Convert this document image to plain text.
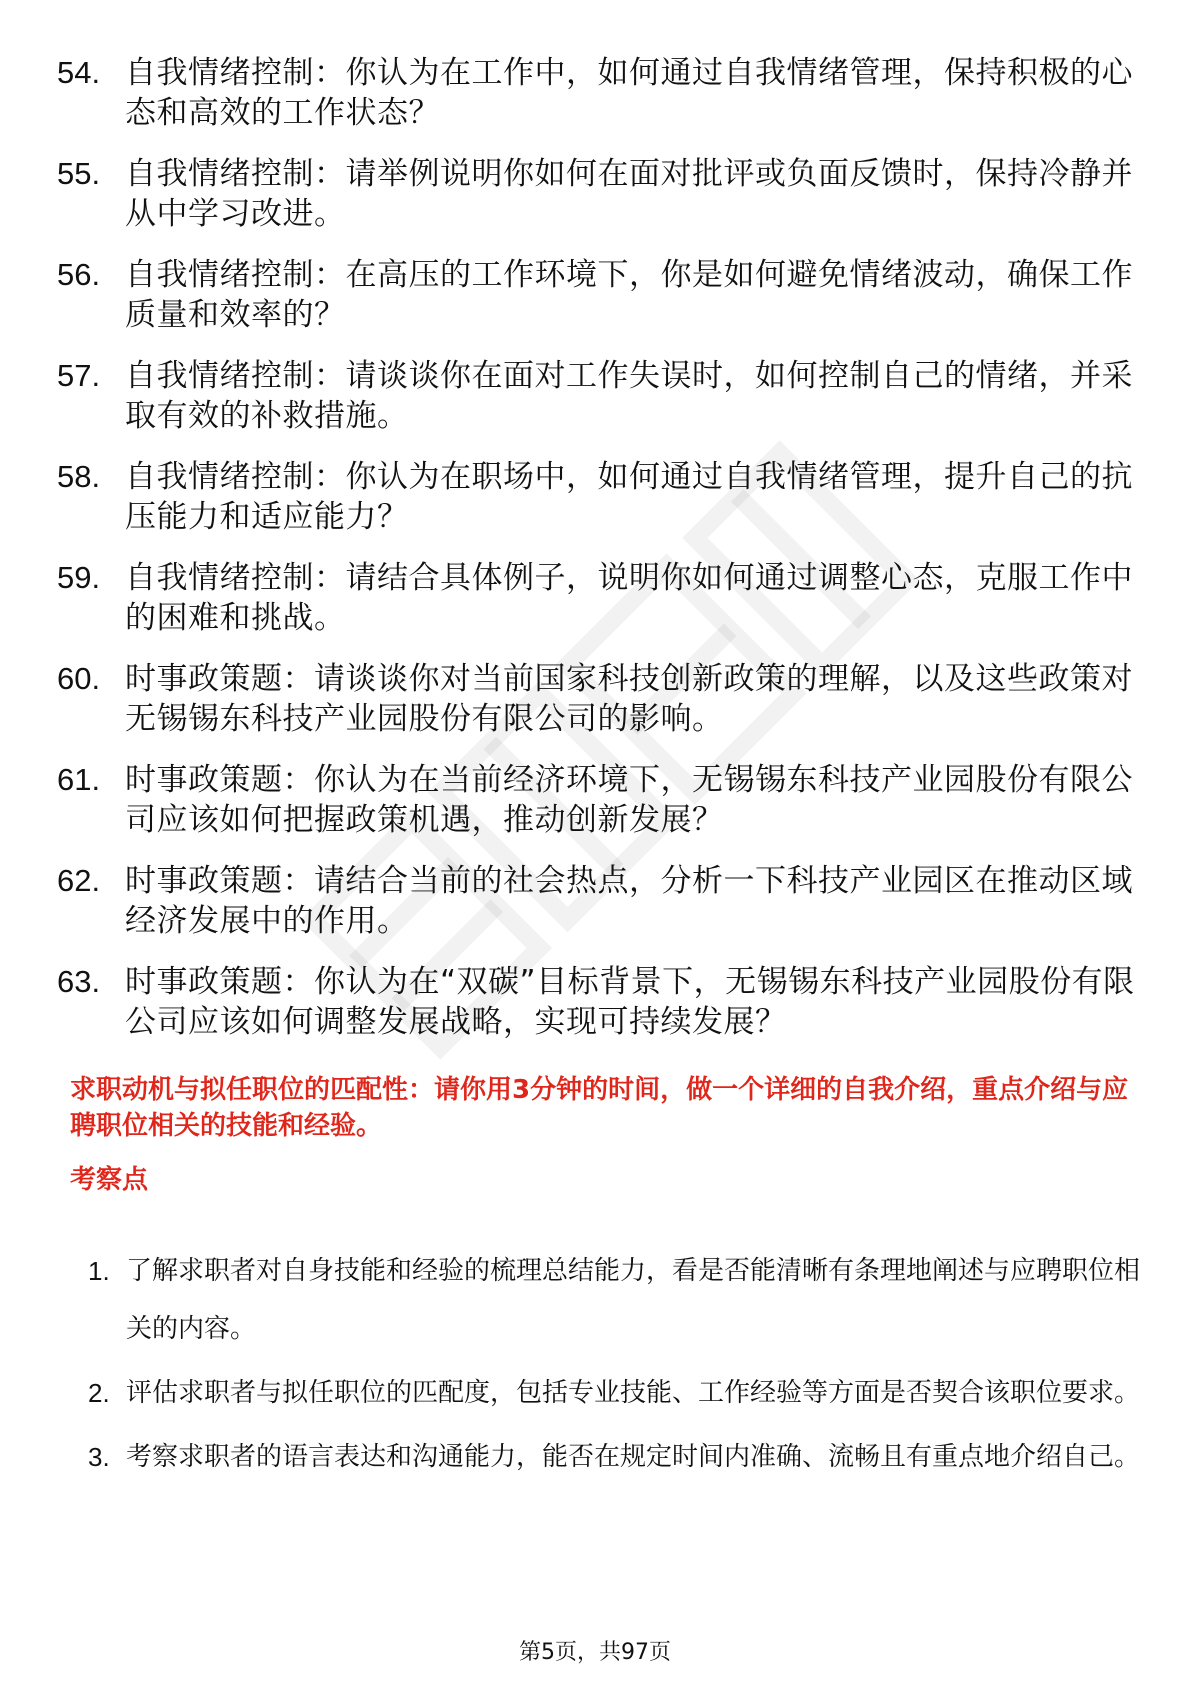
54. 自我情绪控制：你认为在工作中，如何通过自我情绪管理，保持积极的心态和高效的工作状态？
55. 自我情绪控制：请举例说明你如何在面对批评或负面反馈时，保持冷静并从中学习改进。
56. 自我情绪控制：在高压的工作环境下，你是如何避免情绪波动，确保工作质量和效率的？
57. 自我情绪控制：请谈谈你在面对工作失误时，如何控制自己的情绪，并采取有效的补救措施。
58. 自我情绪控制：你认为在职场中，如何通过自我情绪管理，提升自己的抗压能力和适应能力？
59. 自我情绪控制：请结合具体例子，说明你如何通过调整心态，克服工作中的困难和挑战。
60. 时事政策题：请谈谈你对当前国家科技创新政策的理解，以及这些政策对无锡锡东科技产业园股份有限公司的影响。
61. 时事政策题：你认为在当前经济环境下，无锡锡东科技产业园股份有限公司应该如何把握政策机遇，推动创新发展？
62. 时事政策题：请结合当前的社会热点，分析一下科技产业园区在推动区域经济发展中的作用。
63. 时事政策题：你认为在“双碳”目标背景下，无锡锡东科技产业园股份有限公司应该如何调整发展战略，实现可持续发展？
求职动机与拟任职位的匹配性：请你用3分钟的时间，做一个详细的自我介绍，重点介绍与应聘职位相关的技能和经验。
考察点
1. 了解求职者对自身技能和经验的梳理总结能力，看是否能清晰有条理地阐述与应聘职位相关的内容。
2. 评估求职者与拟任职位的匹配度，包括专业技能、工作经验等方面是否契合该职位要求。
3. 考察求职者的语言表达和沟通能力，能否在规定时间内准确、流畅且有重点地介绍自己。
第5页，共97页
